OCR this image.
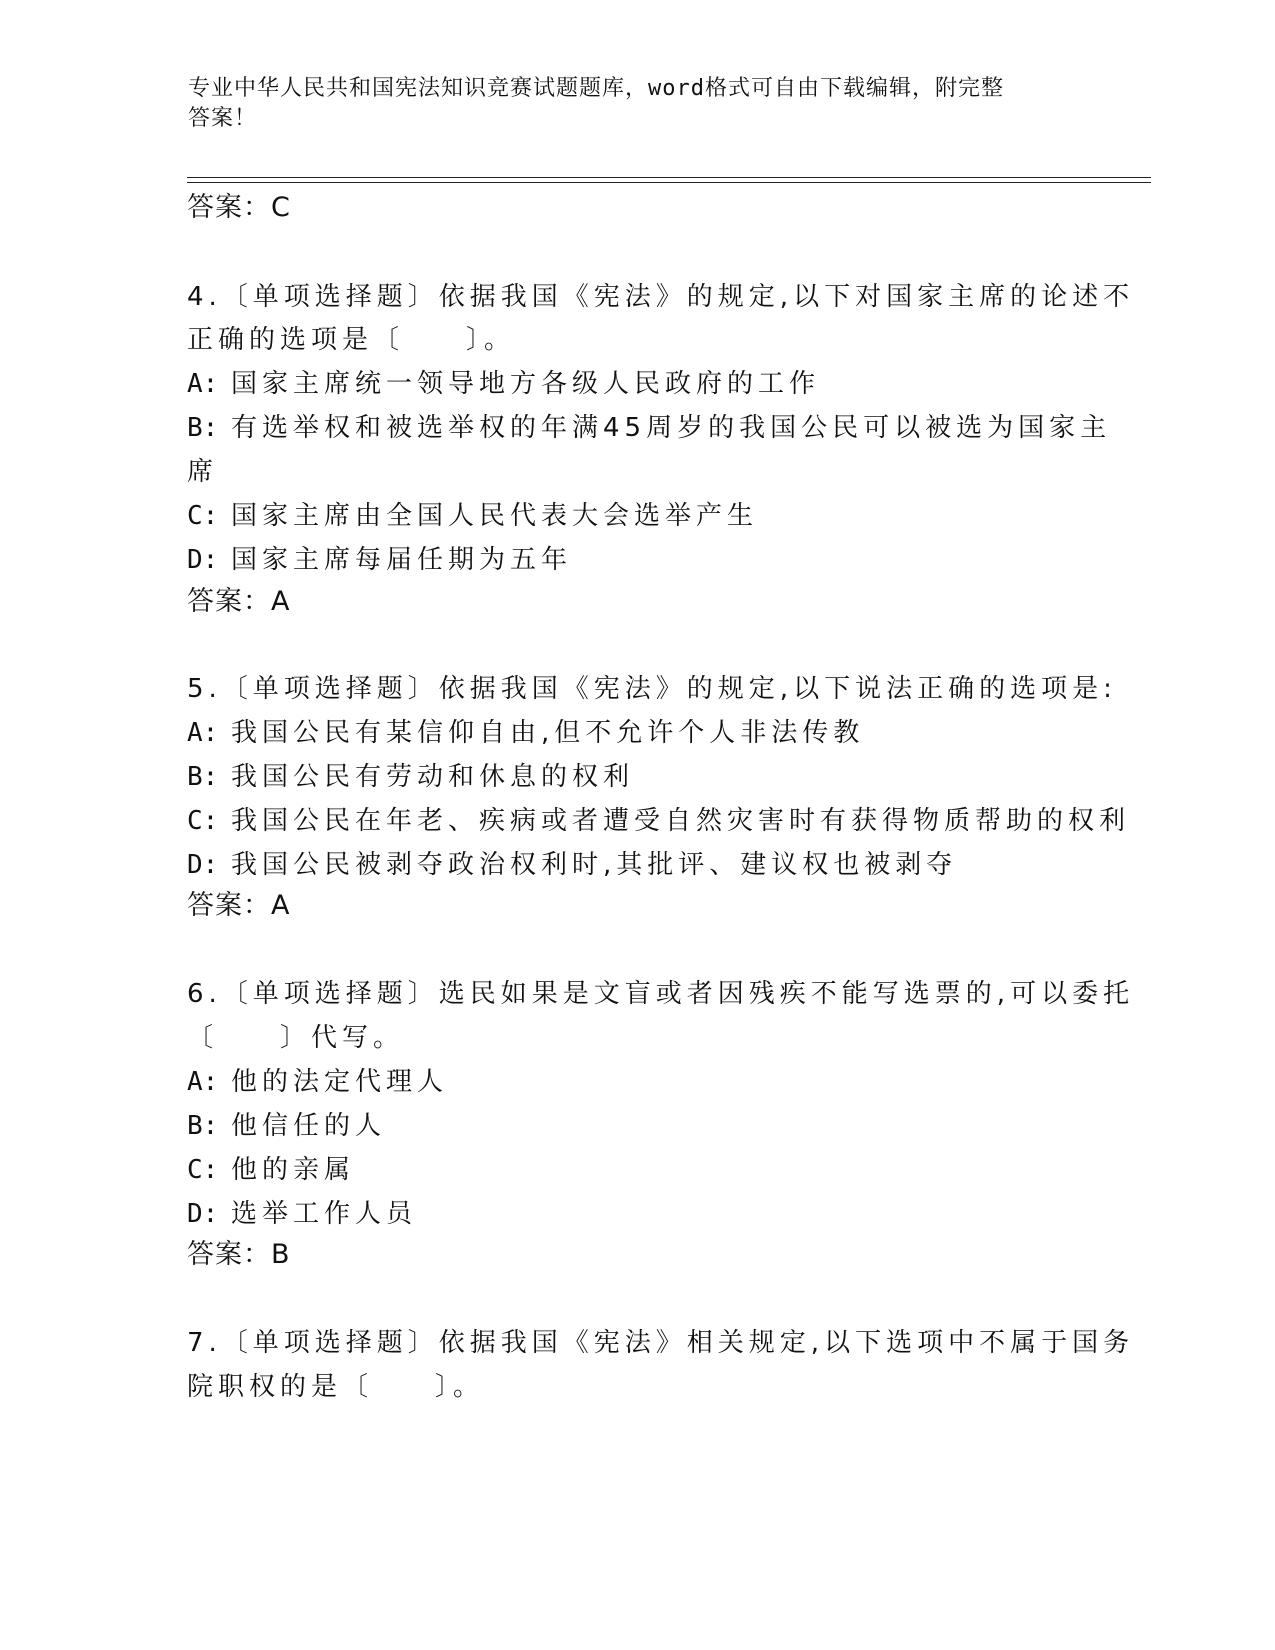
专业中华人民共和国宪法知识竞赛试题题库，word格式可自由下载编辑，附完整
答案！
答案：C
4.〔单项选择题〕依据我国《宪法》的规定,以下对国家主席的论述不
正确的选项是〔　　〕。
A: 国家主席统一领导地方各级人民政府的工作
B: 有选举权和被选举权的年满45周岁的我国公民可以被选为国家主
席
C: 国家主席由全国人民代表大会选举产生
D: 国家主席每届任期为五年
答案：A
5.〔单项选择题〕依据我国《宪法》的规定,以下说法正确的选项是:
A: 我国公民有某信仰自由,但不允许个人非法传教
B: 我国公民有劳动和休息的权利
C: 我国公民在年老、疾病或者遭受自然灾害时有获得物质帮助的权利
D: 我国公民被剥夺政治权利时,其批评、建议权也被剥夺
答案：A
6.〔单项选择题〕选民如果是文盲或者因残疾不能写选票的,可以委托
〔　　〕代写。
A: 他的法定代理人
B: 他信任的人
C: 他的亲属
D: 选举工作人员
答案：B
7.〔单项选择题〕依据我国《宪法》相关规定,以下选项中不属于国务
院职权的是〔　　〕。
